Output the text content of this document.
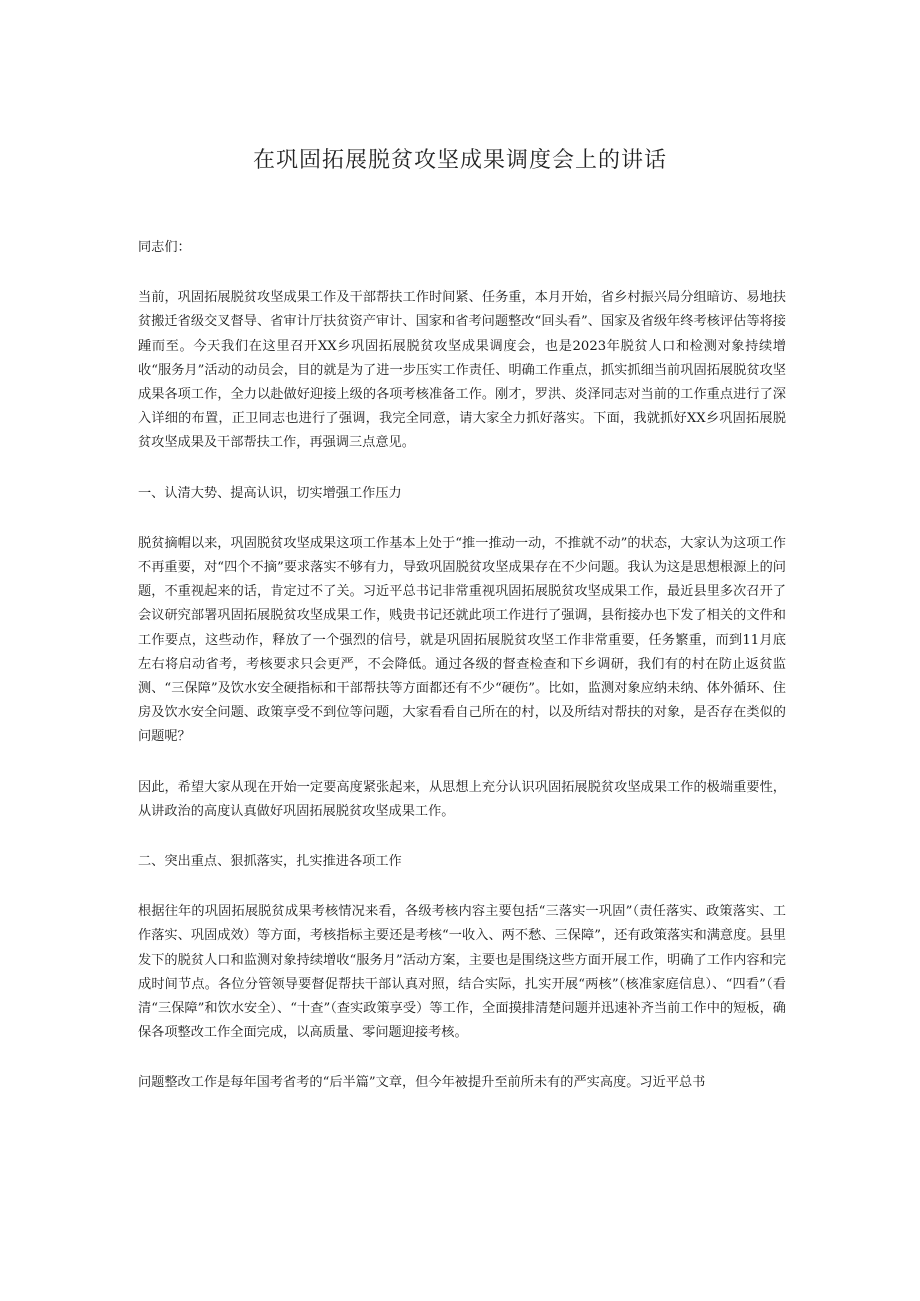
在巩固拓展脱贫攻坚成果调度会上的讲话

同志们：

当前，巩固拓展脱贫攻坚成果工作及干部帮扶工作时间紧、任务重，本月开始，省乡村振兴局分组暗访、易地扶贫搬迁省级交叉督导、省审计厅扶贫资产审计、国家和省考问题整改“回头看”、国家及省级年终考核评估等将接踵而至。今天我们在这里召开XX乡巩固拓展脱贫攻坚成果调度会，也是2023年脱贫人口和检测对象持续增收“服务月”活动的动员会，目的就是为了进一步压实工作责任、明确工作重点，抓实抓细当前巩固拓展脱贫攻坚成果各项工作，全力以赴做好迎接上级的各项考核准备工作。刚才，罗洪、炎泽同志对当前的工作重点进行了深入详细的布置，正卫同志也进行了强调，我完全同意，请大家全力抓好落实。下面，我就抓好XX乡巩固拓展脱贫攻坚成果及干部帮扶工作，再强调三点意见。

一、认清大势、提高认识，切实增强工作压力

脱贫摘帽以来，巩固脱贫攻坚成果这项工作基本上处于“推一推动一动，不推就不动”的状态，大家认为这项工作不再重要，对“四个不摘”要求落实不够有力，导致巩固脱贫攻坚成果存在不少问题。我认为这是思想根源上的问题，不重视起来的话，肯定过不了关。习近平总书记非常重视巩固拓展脱贫攻坚成果工作，最近县里多次召开了会议研究部署巩固拓展脱贫攻坚成果工作，贱贵书记还就此项工作进行了强调，县衔接办也下发了相关的文件和工作要点，这些动作，释放了一个强烈的信号，就是巩固拓展脱贫攻坚工作非常重要，任务繁重，而到11月底左右将启动省考，考核要求只会更严，不会降低。通过各级的督查检查和下乡调研，我们有的村在防止返贫监测、“三保障”及饮水安全硬指标和干部帮扶等方面都还有不少“硬伤”。比如，监测对象应纳未纳、体外循环、住房及饮水安全问题、政策享受不到位等问题，大家看看自己所在的村，以及所结对帮扶的对象，是否存在类似的问题呢？

因此，希望大家从现在开始一定要高度紧张起来，从思想上充分认识巩固拓展脱贫攻坚成果工作的极端重要性，从讲政治的高度认真做好巩固拓展脱贫攻坚成果工作。

二、突出重点、狠抓落实，扎实推进各项工作

根据往年的巩固拓展脱贫成果考核情况来看，各级考核内容主要包括“三落实一巩固”（责任落实、政策落实、工作落实、巩固成效）等方面，考核指标主要还是考核“一收入、两不愁、三保障”，还有政策落实和满意度。县里发下的脱贫人口和监测对象持续增收“服务月”活动方案，主要也是围绕这些方面开展工作，明确了工作内容和完成时间节点。各位分管领导要督促帮扶干部认真对照，结合实际，扎实开展“两核”（核准家庭信息）、“四看”（看清“三保障”和饮水安全）、“十查”（查实政策享受）等工作，全面摸排清楚问题并迅速补齐当前工作中的短板，确保各项整改工作全面完成，以高质量、零问题迎接考核。

问题整改工作是每年国考省考的“后半篇”文章，但今年被提升至前所未有的严实高度。习近平总书
